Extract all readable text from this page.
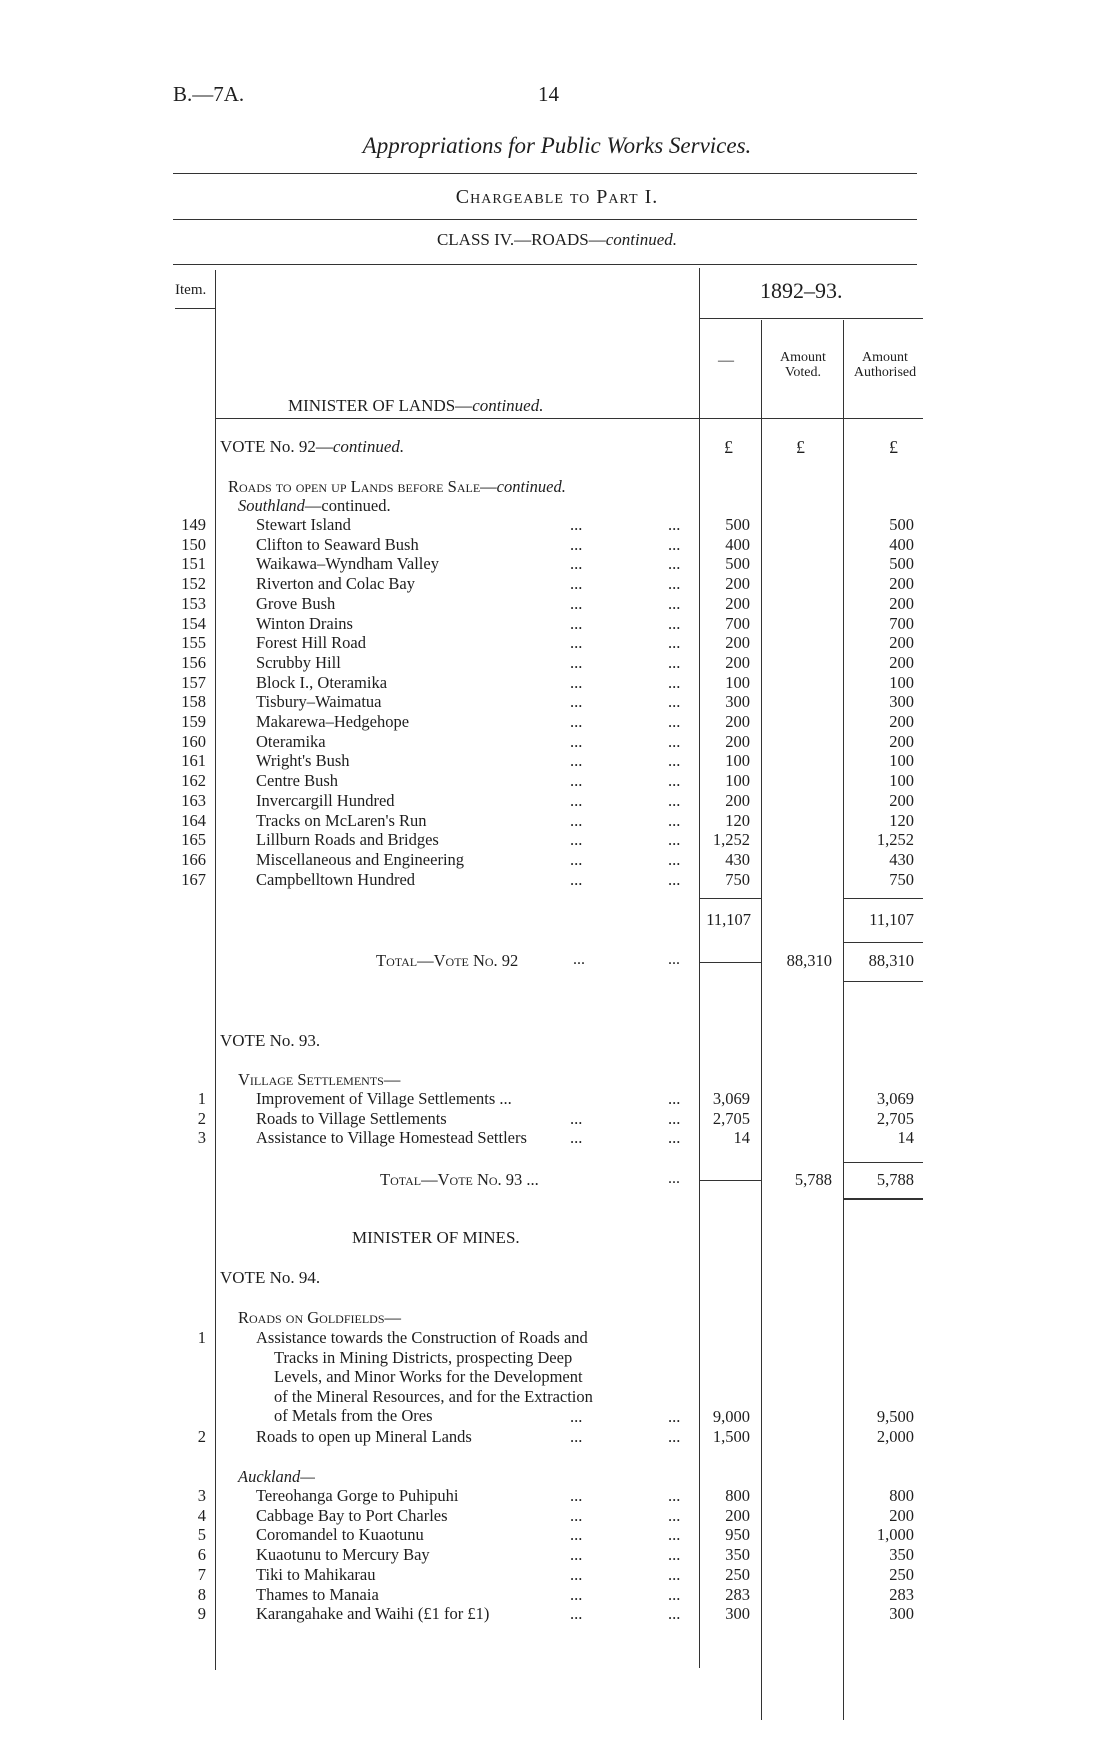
B.—7A.	14
Appropriations for Public Works Services.
Chargeable to Part I.
CLASS IV.—ROADS—continued.
Item.	1892–93.
—	Amount Voted.
Amount Authorised
MINISTER OF LANDS—continued.
VOTE No. 92—continued.	£	£	£
Roads to open up Lands before Sale—continued.
Southland—continued.
149	Stewart Island	...	...	500	500
150	Clifton to Seaward Bush	...	...	400	400
151	Waikawa–Wyndham Valley	...	...	500	500
152	Riverton and Colac Bay	...	...	200	200
153	Grove Bush	...	...	200	200
154	Winton Drains	...	...	700	700
155	Forest Hill Road	...	...	200	200
156	Scrubby Hill	...	...	200	200
157	Block I., Oteramika	...	...	100	100
158	Tisbury–Waimatua	...	...	300	300
159	Makarewa–Hedgehope	...	...	200	200
160	Oteramika	...	...	200	200
161	Wright's Bush	...	...	100	100
162	Centre Bush	...	...	100	100
163	Invercargill Hundred	...	...	200	200
164	Tracks on McLaren's Run	...	...	120	120
165	Lillburn Roads and Bridges	...	...	1,252	1,252
166	Miscellaneous and Engineering	...	...	430	430
167	Campbelltown Hundred	...	...	750	750
11,107	11,107
Total—Vote No. 92	...	...	88,310	88,310
VOTE No. 93.
Village Settlements—
1	Improvement of Village Settlements ...	...	3,069	3,069
2	Roads to Village Settlements	...	...	2,705	2,705
3	Assistance to Village Homestead Settlers	...	...	14	14
Total—Vote No. 93 ...	...	5,788	5,788
MINISTER OF MINES.
VOTE No. 94.
Roads on Goldfields—
1	Assistance towards the Construction of Roads and
Tracks in Mining Districts, prospecting Deep
Levels, and Minor Works for the Development
of the Mineral Resources, and for the Extraction
of Metals from the Ores	...	...	9,000	9,500
2	Roads to open up Mineral Lands	...	...	1,500	2,000
Auckland—
3	Tereohanga Gorge to Puhipuhi	...	...	800	800
4	Cabbage Bay to Port Charles	...	...	200	200
5	Coromandel to Kuaotunu	...	...	950	1,000
6	Kuaotunu to Mercury Bay	...	...	350	350
7	Tiki to Mahikarau	...	...	250	250
8	Thames to Manaia	...	...	283	283
9	Karangahake and Waihi (£1 for £1)	...	...	300	300
